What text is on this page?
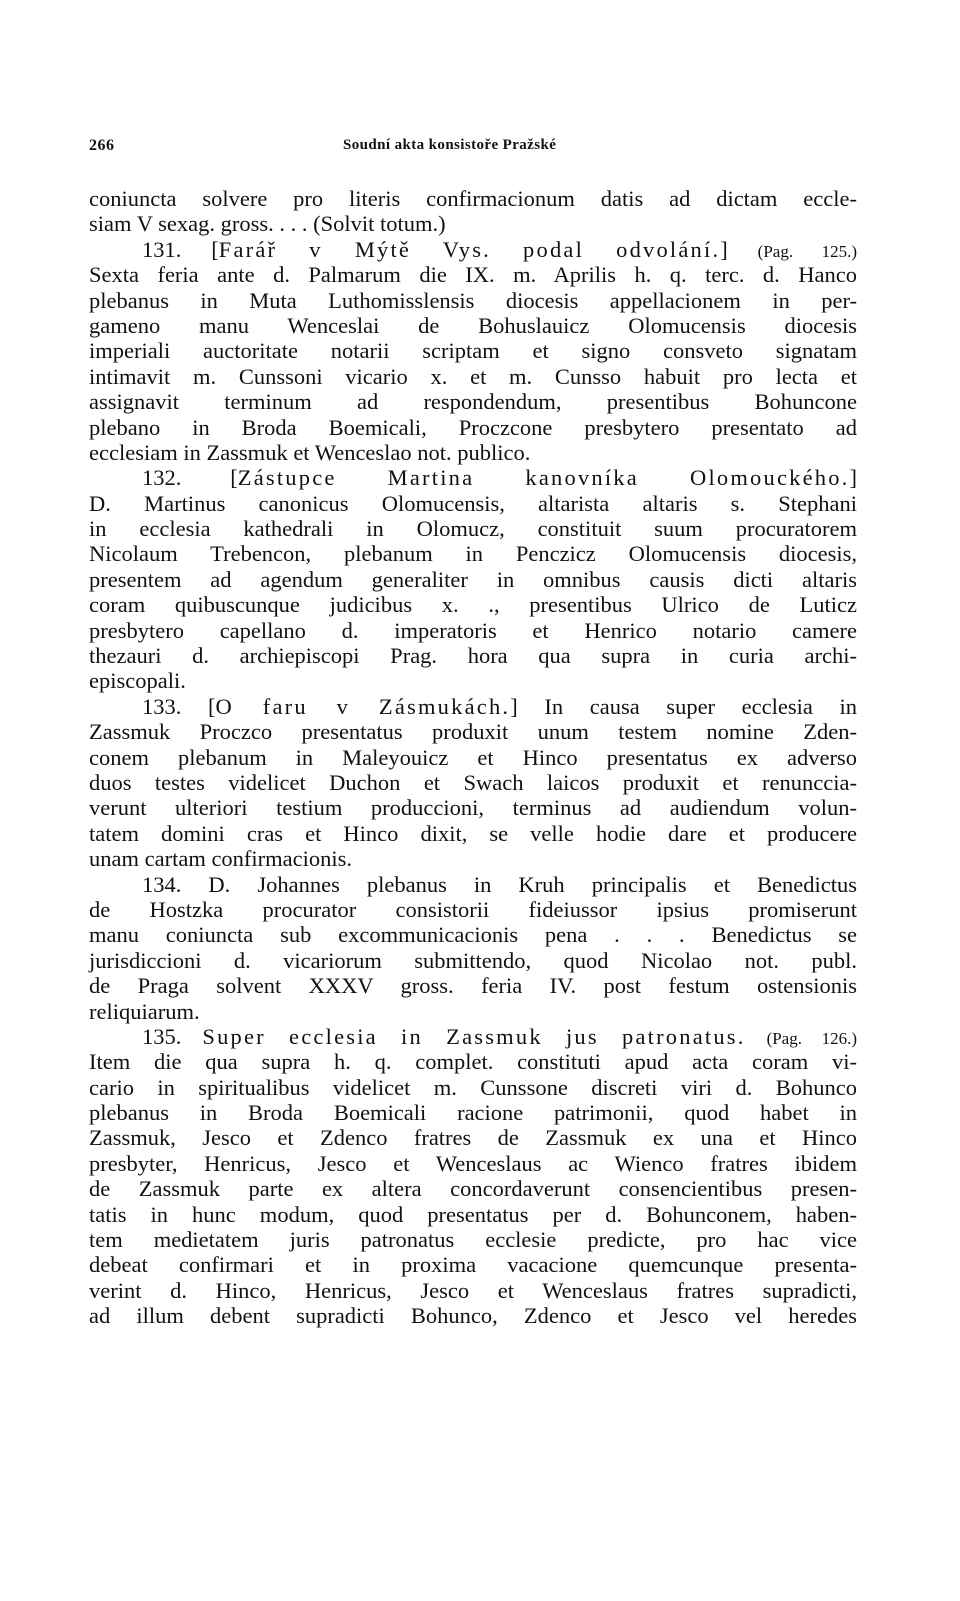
266	Soudní akta konsistoře Pražské
coniuncta solvere pro literis confirmacionum datis ad dictam eccle-
siam V sexag. gross. . . . (Solvit totum.)
131. [Farář v Mýtě Vys. podal odvolání.] (Pag. 125.)
Sexta feria ante d. Palmarum die IX. m. Aprilis h. q. terc. d. Hanco
plebanus in Muta Luthomisslensis diocesis appellacionem in per-
gameno manu Wenceslai de Bohuslauicz Olomucensis diocesis
imperiali auctoritate notarii scriptam et signo consveto signatam
intimavit m. Cunssoni vicario x. et m. Cunsso habuit pro lecta et
assignavit terminum ad respondendum, presentibus Bohuncone
plebano in Broda Boemicali, Proczcone presbytero presentato ad
ecclesiam in Zassmuk et Wenceslao not. publico.
132. [Zástupce Martina kanovníka Olomouckého.]
D. Martinus canonicus Olomucensis, altarista altaris s. Stephani
in ecclesia kathedrali in Olomucz, constituit suum procuratorem
Nicolaum Trebencon, plebanum in Penczicz Olomucensis diocesis,
presentem ad agendum generaliter in omnibus causis dicti altaris
coram quibuscunque judicibus x. ., presentibus Ulrico de Luticz
presbytero capellano d. imperatoris et Henrico notario camere
thezauri d. archiepiscopi Prag. hora qua supra in curia archi-
episcopali.
133. [O faru v Zásmukách.] In causa super ecclesia in
Zassmuk Proczco presentatus produxit unum testem nomine Zden-
conem plebanum in Maleyouicz et Hinco presentatus ex adverso
duos testes videlicet Duchon et Swach laicos produxit et renunccia-
verunt ulteriori testium produccioni, terminus ad audiendum volun-
tatem domini cras et Hinco dixit, se velle hodie dare et producere
unam cartam confirmacionis.
134. D. Johannes plebanus in Kruh principalis et Benedictus
de Hostzka procurator consistorii fideiussor ipsius promiserunt
manu coniuncta sub excommunicacionis pena . . . Benedictus se
jurisdiccioni d. vicariorum submittendo, quod Nicolao not. publ.
de Praga solvent XXXV gross. feria IV. post festum ostensionis
reliquiarum.
135. Super ecclesia in Zassmuk jus patronatus. (Pag. 126.)
Item die qua supra h. q. complet. constituti apud acta coram vi-
cario in spiritualibus videlicet m. Cunssone discreti viri d. Bohunco
plebanus in Broda Boemicali racione patrimonii, quod habet in
Zassmuk, Jesco et Zdenco fratres de Zassmuk ex una et Hinco
presbyter, Henricus, Jesco et Wenceslaus ac Wienco fratres ibidem
de Zassmuk parte ex altera concordaverunt consencientibus presen-
tatis in hunc modum, quod presentatus per d. Bohunconem, haben-
tem medietatem juris patronatus ecclesie predicte, pro hac vice
debeat confirmari et in proxima vacacione quemcunque presenta-
verint d. Hinco, Henricus, Jesco et Wenceslaus fratres supradicti,
ad illum debent supradicti Bohunco, Zdenco et Jesco vel heredes
